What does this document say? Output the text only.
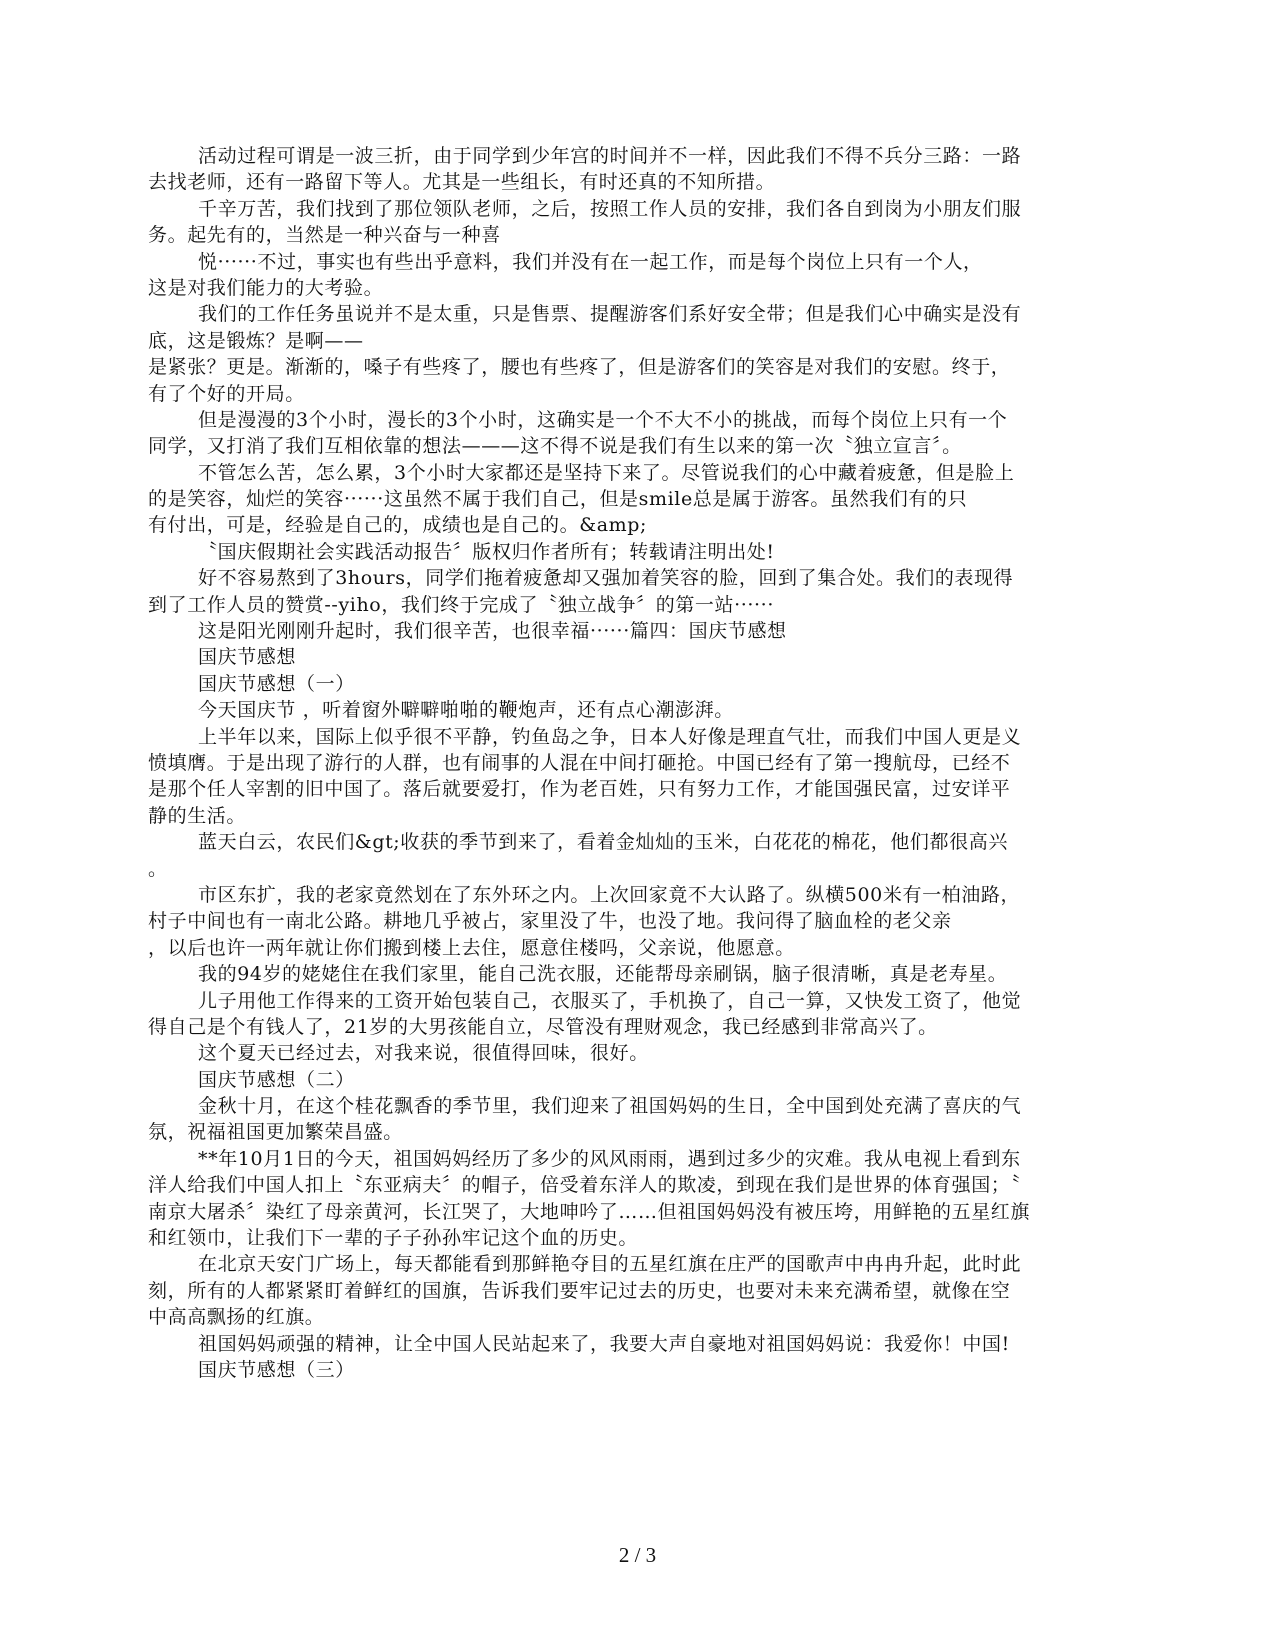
活动过程可谓是一波三折，由于同学到少年宫的时间并不一样，因此我们不得不兵分三路：一路
去找老师，还有一路留下等人。尤其是一些组长，有时还真的不知所措。
千辛万苦，我们找到了那位领队老师，之后，按照工作人员的安排，我们各自到岗为小朋友们服
务。起先有的，当然是一种兴奋与一种喜
悦······不过，事实也有些出乎意料，我们并没有在一起工作，而是每个岗位上只有一个人，
这是对我们能力的大考验。
我们的工作任务虽说并不是太重，只是售票、提醒游客们系好安全带；但是我们心中确实是没有
底，这是锻炼？是啊——
是紧张？更是。渐渐的，嗓子有些疼了，腰也有些疼了，但是游客们的笑容是对我们的安慰。终于，
有了个好的开局。
但是漫漫的3个小时，漫长的3个小时，这确实是一个不大不小的挑战，而每个岗位上只有一个
同学，又打消了我们互相依靠的想法———这不得不说是我们有生以来的第一次〝独立宣言〞。
不管怎么苦，怎么累，3个小时大家都还是坚持下来了。尽管说我们的心中藏着疲惫，但是脸上
的是笑容，灿烂的笑容······这虽然不属于我们自己，但是smile总是属于游客。虽然我们有的只
有付出，可是，经验是自己的，成绩也是自己的。&amp;
〝国庆假期社会实践活动报告〞版权归作者所有；转载请注明出处!
好不容易熬到了3hours，同学们拖着疲惫却又强加着笑容的脸，回到了集合处。我们的表现得
到了工作人员的赞赏--yiho，我们终于完成了〝独立战争〞的第一站······
这是阳光刚刚升起时，我们很辛苦，也很幸福······篇四：国庆节感想
国庆节感想
国庆节感想（一）
今天国庆节 ，听着窗外噼噼啪啪的鞭炮声，还有点心潮澎湃。
上半年以来，国际上似乎很不平静，钓鱼岛之争，日本人好像是理直气壮，而我们中国人更是义
愤填膺。于是出现了游行的人群，也有闹事的人混在中间打砸抢。中国已经有了第一搜航母，已经不
是那个任人宰割的旧中国了。落后就要爱打，作为老百姓，只有努力工作，才能国强民富，过安详平
静的生活。
蓝天白云，农民们&gt;收获的季节到来了，看着金灿灿的玉米，白花花的棉花，他们都很高兴
。
市区东扩，我的老家竟然划在了东外环之内。上次回家竟不大认路了。纵横500米有一柏油路，
村子中间也有一南北公路。耕地几乎被占，家里没了牛，也没了地。我问得了脑血栓的老父亲
，以后也许一两年就让你们搬到楼上去住，愿意住楼吗，父亲说，他愿意。
我的94岁的姥姥住在我们家里，能自己洗衣服，还能帮母亲刷锅，脑子很清晰，真是老寿星。
儿子用他工作得来的工资开始包装自己，衣服买了，手机换了，自己一算，又快发工资了，他觉
得自己是个有钱人了，21岁的大男孩能自立，尽管没有理财观念，我已经感到非常高兴了。
这个夏天已经过去，对我来说，很值得回味，很好。
国庆节感想（二）
金秋十月，在这个桂花飘香的季节里，我们迎来了祖国妈妈的生日，全中国到处充满了喜庆的气
氛，祝福祖国更加繁荣昌盛。
**年10月1日的今天，祖国妈妈经历了多少的风风雨雨，遇到过多少的灾难。我从电视上看到东
洋人给我们中国人扣上〝东亚病夫〞的帽子，倍受着东洋人的欺凌，到现在我们是世界的体育强国；〝
南京大屠杀〞染红了母亲黄河，长江哭了，大地呻吟了……但祖国妈妈没有被压垮，用鲜艳的五星红旗
和红领巾，让我们下一辈的子子孙孙牢记这个血的历史。
在北京天安门广场上，每天都能看到那鲜艳夺目的五星红旗在庄严的国歌声中冉冉升起，此时此
刻，所有的人都紧紧盯着鲜红的国旗，告诉我们要牢记过去的历史，也要对未来充满希望，就像在空
中高高飘扬的红旗。
祖国妈妈顽强的精神，让全中国人民站起来了，我要大声自豪地对祖国妈妈说：我爱你！中国!
国庆节感想（三）
2 / 3
